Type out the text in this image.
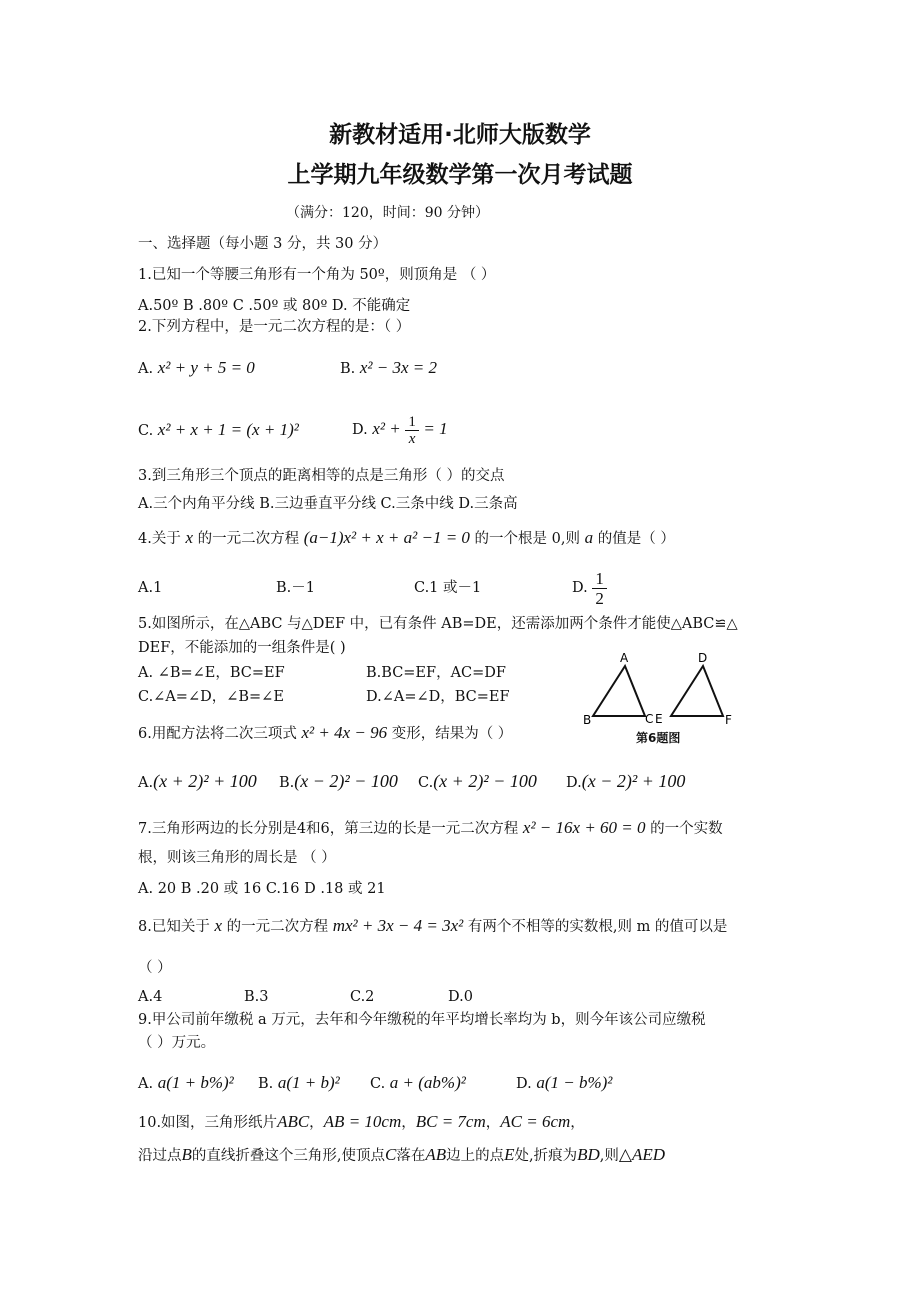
新教材适用·北师大版数学
上学期九年级数学第一次月考试题
（满分：120，时间：90 分钟）
一、选择题（每小题 3 分，共 30 分）
1.已知一个等腰三角形有一个角为 50º，则顶角是 （ ）
A.50º B .80º C .50º 或 80º D. 不能确定
2.下列方程中，是一元二次方程的是：（ ）
A. x² + y + 5 = 0	B. x² − 3x = 2
C. x² + x + 1 = (x + 1)²	D. $x^2 + \frac{1}{x} = 1$
3.到三角形三个顶点的距离相等的点是三角形（ ）的交点
A.三个内角平分线 B.三边垂直平分线 C.三条中线 D.三条高
4.关于 x 的一元二次方程 (a−1)x² + x + a² −1 = 0 的一个根是 0,则 a 的值是（ ）
A.1	B.－1	C.1 或－1	D. $\frac{1}{2}$
5.如图所示，在△ABC 与△DEF 中，已有条件 AB=DE，还需添加两个条件才能使△ABC≌△
DEF，不能添加的一组条件是( )
A. ∠B=∠E，BC=EF	B.BC=EF，AC=DF
C.∠A=∠D，∠B=∠E	D.∠A=∠D，BC=EF
A
B	C
D
E	F
第6题图
6.用配方法将二次三项式 x² + 4x − 96 变形，结果为（ ）
A.(x + 2)² + 100 B.(x − 2)² − 100 C.(x + 2)² − 100 D.(x − 2)² + 100
7.三角形两边的长分别是4和6，第三边的长是一元二次方程 x² − 16x + 60 = 0 的一个实数
根，则该三角形的周长是 （ ）
A. 20 B .20 或 16 C.16 D .18 或 21
8.已知关于 x 的一元二次方程 mx² + 3x − 4 = 3x² 有两个不相等的实数根,则 m 的值可以是
（ ）
A.4	B.3	C.2	D.0
9.甲公司前年缴税 a 万元，去年和今年缴税的年平均增长率均为 b，则今年该公司应缴税
（ ）万元。
A. a(1 + b%)² B. a(1 + b)² C. a + (ab%)²	D. a(1 − b%)²
10.如图，三角形纸片ABC，AB = 10cm，BC = 7cm，AC = 6cm，
沿过点B的直线折叠这个三角形,使顶点C落在AB边上的点E处,折痕为BD,则△AED
